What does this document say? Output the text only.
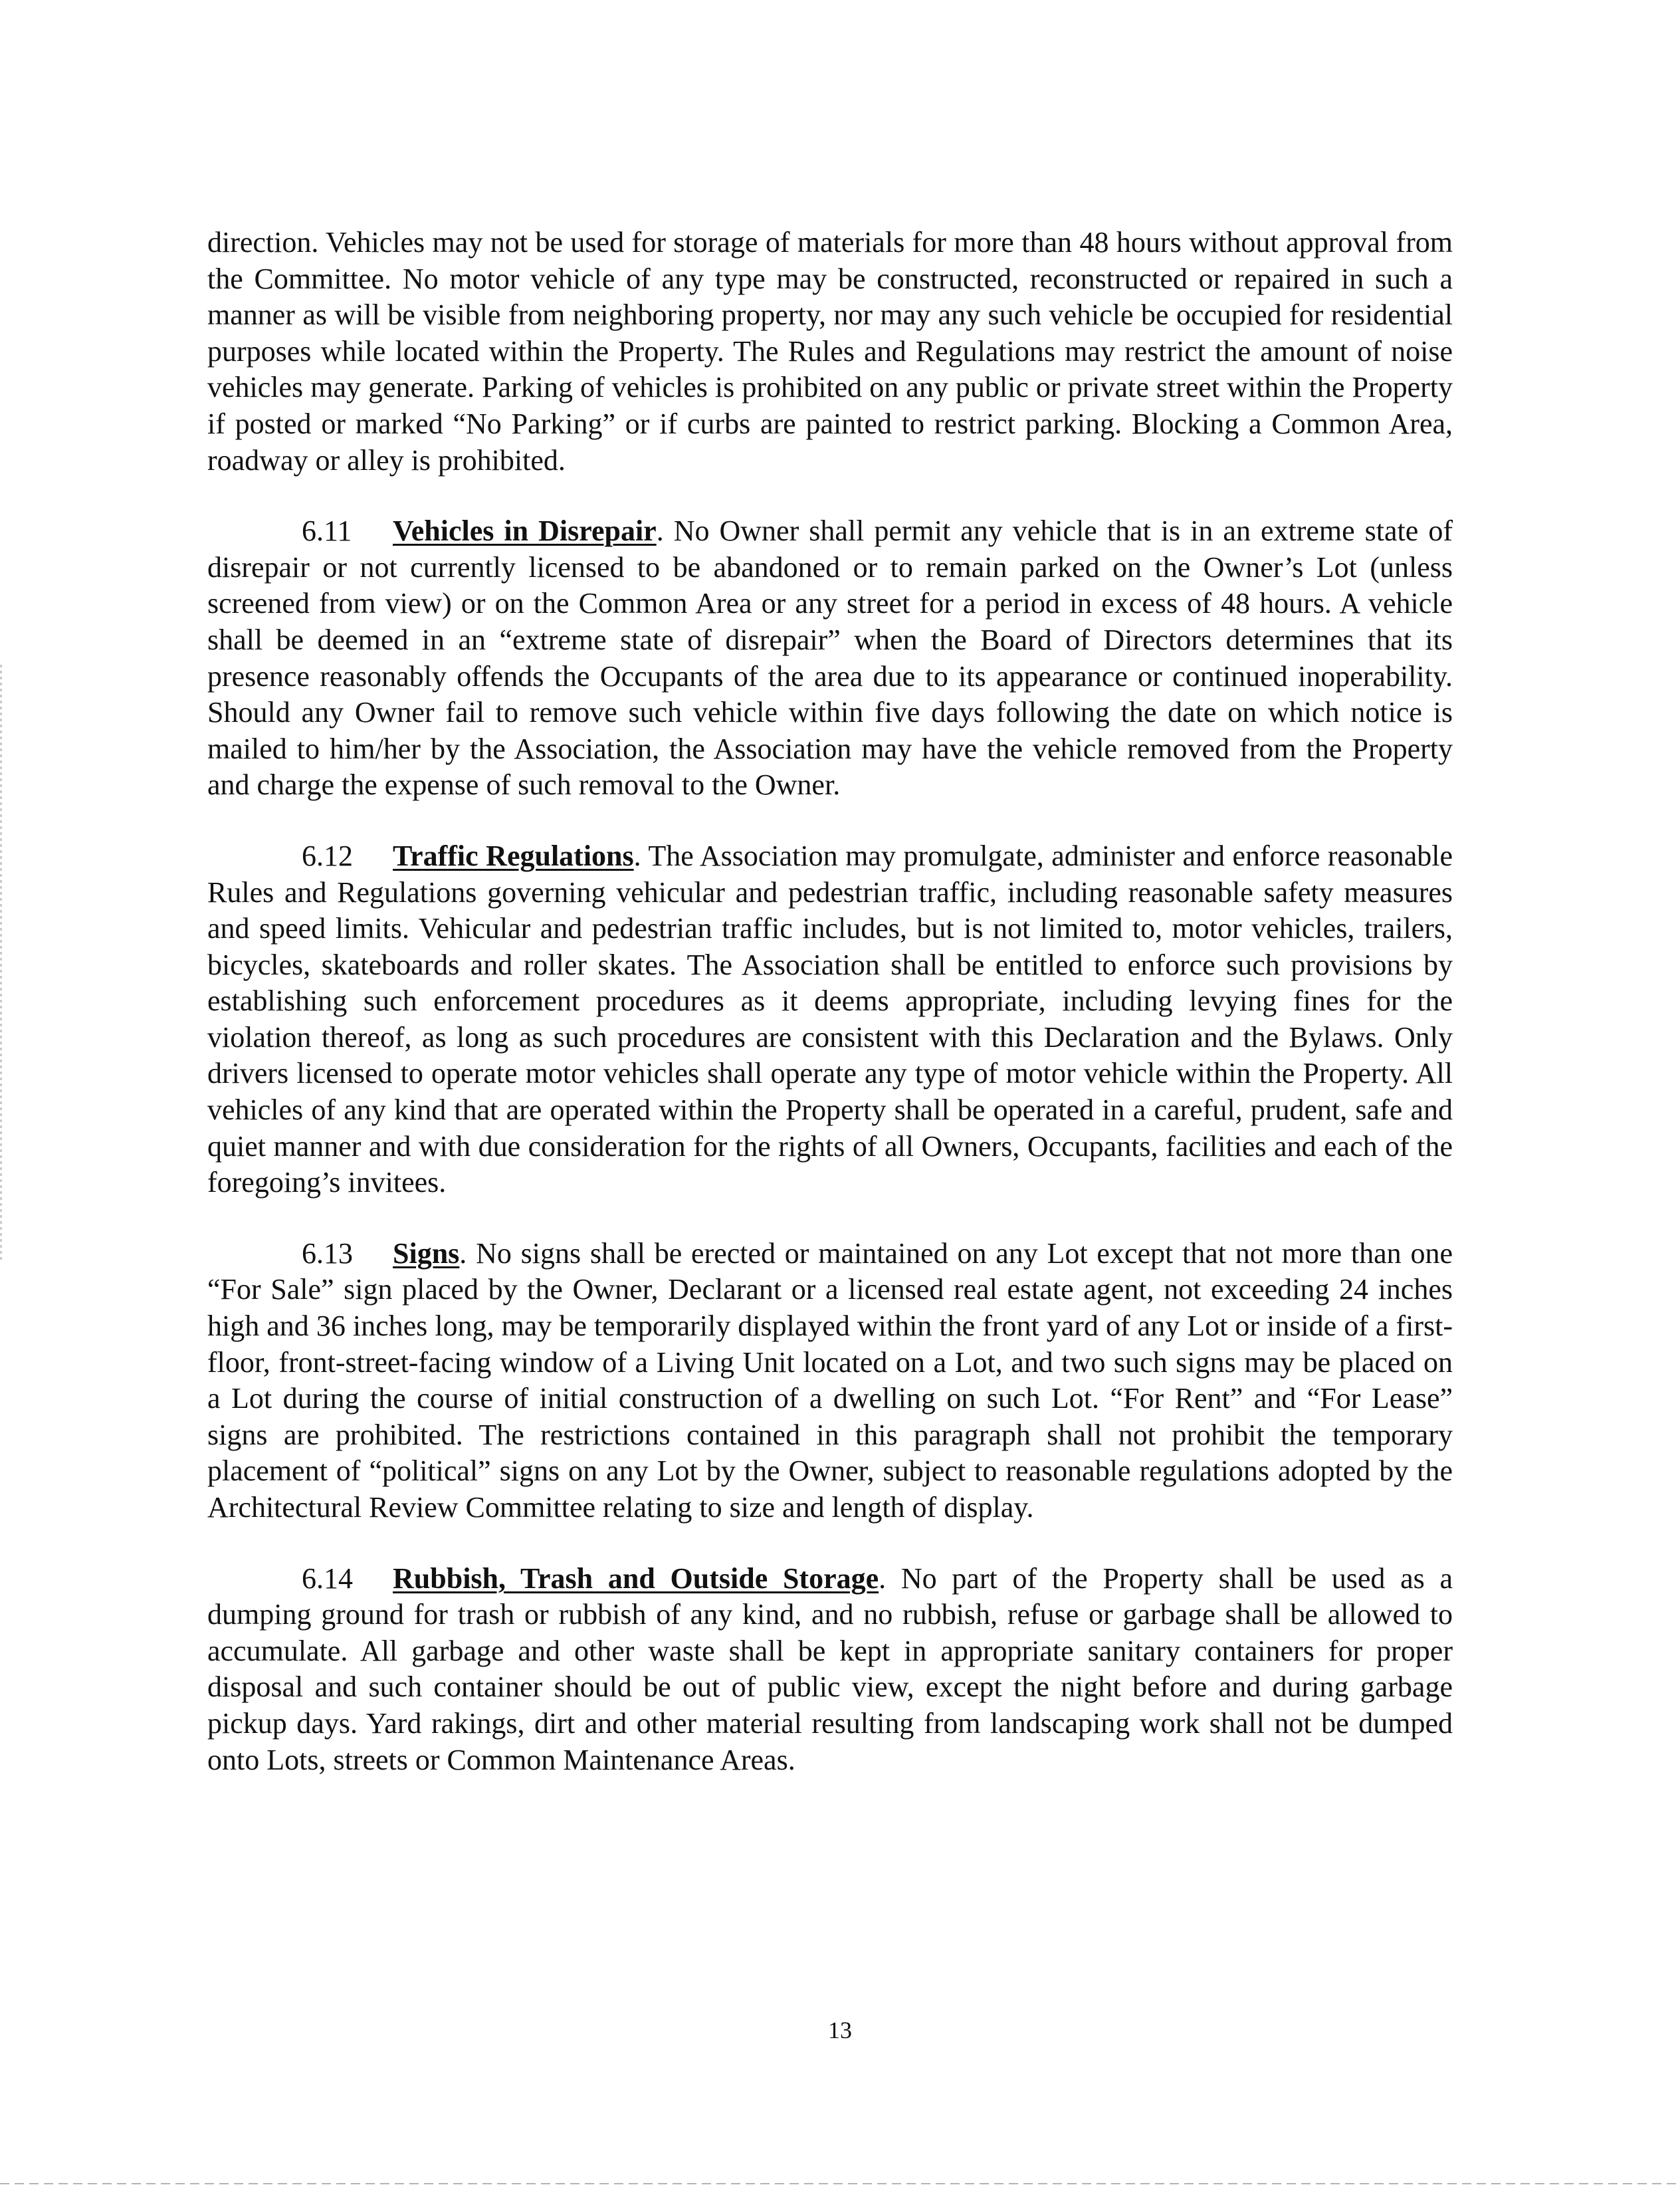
direction. Vehicles may not be used for storage of materials for more than 48 hours without approval from the Committee. No motor vehicle of any type may be constructed, reconstructed or repaired in such a manner as will be visible from neighboring property, nor may any such vehicle be occupied for residential purposes while located within the Property. The Rules and Regulations may restrict the amount of noise vehicles may generate. Parking of vehicles is prohibited on any public or private street within the Property if posted or marked “No Parking” or if curbs are painted to restrict parking. Blocking a Common Area, roadway or alley is prohibited.

6.11 Vehicles in Disrepair. No Owner shall permit any vehicle that is in an extreme state of disrepair or not currently licensed to be abandoned or to remain parked on the Owner’s Lot (unless screened from view) or on the Common Area or any street for a period in excess of 48 hours. A vehicle shall be deemed in an “extreme state of disrepair” when the Board of Directors determines that its presence reasonably offends the Occupants of the area due to its appearance or continued inoperability. Should any Owner fail to remove such vehicle within five days following the date on which notice is mailed to him/her by the Association, the Association may have the vehicle removed from the Property and charge the expense of such removal to the Owner.

6.12 Traffic Regulations. The Association may promulgate, administer and enforce reasonable Rules and Regulations governing vehicular and pedestrian traffic, including reasonable safety measures and speed limits. Vehicular and pedestrian traffic includes, but is not limited to, motor vehicles, trailers, bicycles, skateboards and roller skates. The Association shall be entitled to enforce such provisions by establishing such enforcement procedures as it deems appropriate, including levying fines for the violation thereof, as long as such procedures are consistent with this Declaration and the Bylaws. Only drivers licensed to operate motor vehicles shall operate any type of motor vehicle within the Property. All vehicles of any kind that are operated within the Property shall be operated in a careful, prudent, safe and quiet manner and with due consideration for the rights of all Owners, Occupants, facilities and each of the foregoing’s invitees.

6.13 Signs. No signs shall be erected or maintained on any Lot except that not more than one “For Sale” sign placed by the Owner, Declarant or a licensed real estate agent, not exceeding 24 inches high and 36 inches long, may be temporarily displayed within the front yard of any Lot or inside of a first-floor, front-street-facing window of a Living Unit located on a Lot, and two such signs may be placed on a Lot during the course of initial construction of a dwelling on such Lot. “For Rent” and “For Lease” signs are prohibited. The restrictions contained in this paragraph shall not prohibit the temporary placement of “political” signs on any Lot by the Owner, subject to reasonable regulations adopted by the Architectural Review Committee relating to size and length of display.

6.14 Rubbish, Trash and Outside Storage. No part of the Property shall be used as a dumping ground for trash or rubbish of any kind, and no rubbish, refuse or garbage shall be allowed to accumulate. All garbage and other waste shall be kept in appropriate sanitary containers for proper disposal and such container should be out of public view, except the night before and during garbage pickup days. Yard rakings, dirt and other material resulting from landscaping work shall not be dumped onto Lots, streets or Common Maintenance Areas.

13
